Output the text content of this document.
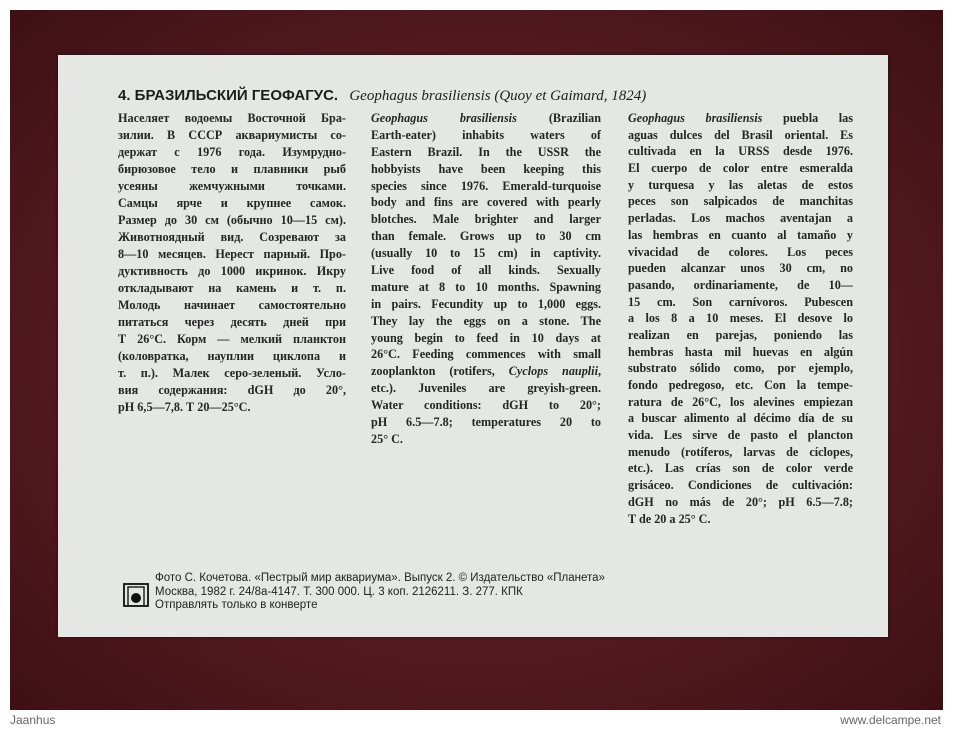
4. БРАЗИЛЬСКИЙ ГЕОФАГУС. Geophagus brasiliensis (Quoy et Gaimard, 1824)
Населяет водоемы Восточной Бра-
зилии. В СССР аквариумисты со-
держат с 1976 года. Изумрудно-
бирюзовое тело и плавники рыб
усеяны жемчужными точками.
Самцы ярче и крупнее самок.
Размер до 30 см (обычно 10—15 см).
Животноядный вид. Созревают за
8—10 месяцев. Нерест парный. Про-
дуктивность до 1000 икринок. Икру
откладывают на камень и т. п.
Молодь начинает самостоятельно
питаться через десять дней при
Т 26°С. Корм — мелкий планктон
(коловратка, науплии циклопа и
т. п.). Малек серо-зеленый. Усло-
вия содержания: dGH до 20°,
pH 6,5—7,8. Т 20—25°С.
Geophagus brasiliensis (Brazilian
Earth-eater) inhabits waters of
Eastern Brazil. In the USSR the
hobbyists have been keeping this
species since 1976. Emerald-turquoise
body and fins are covered with pearly
blotches. Male brighter and larger
than female. Grows up to 30 cm
(usually 10 to 15 cm) in captivity.
Live food of all kinds. Sexually
mature at 8 to 10 months. Spawning
in pairs. Fecundity up to 1,000 eggs.
They lay the eggs on a stone. The
young begin to feed in 10 days at
26°C. Feeding commences with small
zooplankton (rotifers, Cyclops nauplii,
etc.). Juveniles are greyish-green.
Water conditions: dGH to 20°;
pH 6.5—7.8; temperatures 20 to
25° C.
Geophagus brasiliensis puebla las
aguas dulces del Brasil oriental. Es
cultivada en la URSS desde 1976.
El cuerpo de color entre esmeralda
y turquesa y las aletas de estos
peces son salpicados de manchitas
perladas. Los machos aventajan a
las hembras en cuanto al tamaño y
vivacidad de colores. Los peces
pueden alcanzar unos 30 cm, no
pasando, ordinariamente, de 10—
15 cm. Son carnívoros. Pubescen
a los 8 a 10 meses. El desove lo
realizan en parejas, poniendo las
hembras hasta mil huevas en algún
substrato sólido como, por ejemplo,
fondo pedregoso, etc. Con la tempe-
ratura de 26°C, los alevines empiezan
a buscar alimento al décimo día de su
vida. Les sirve de pasto el plancton
menudo (rotíferos, larvas de cíclopes,
etc.). Las crías son de color verde
grisáceo. Condiciones de cultivación:
dGH no más de 20°; pH 6.5—7.8;
T de 20 a 25° C.
Фото С. Кочетова. «Пестрый мир аквариума». Выпуск 2. © Издательство «Планета»
Москва, 1982 г. 24/8а-4147. Т. 300 000. Ц. 3 коп. 2126211. З. 277. КПК
Отправлять только в конверте
Jaanhus	www.delcampe.net
